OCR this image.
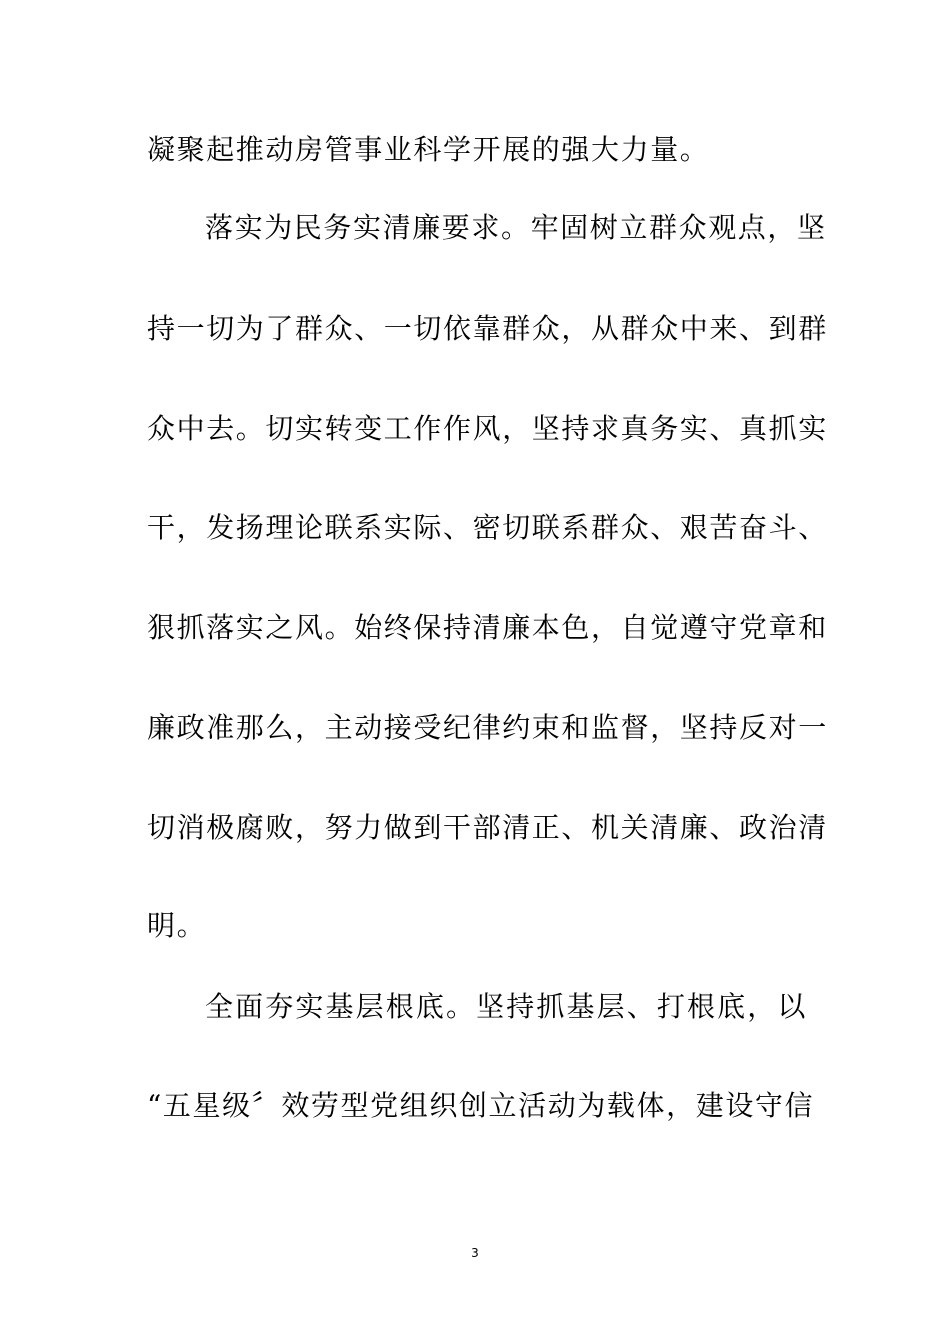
凝聚起推动房管事业科学开展的强大力量。
落实为民务实清廉要求。牢固树立群众观点，坚
持一切为了群众、一切依靠群众，从群众中来、到群
众中去。切实转变工作作风，坚持求真务实、真抓实
干，发扬理论联系实际、密切联系群众、艰苦奋斗、
狠抓落实之风。始终保持清廉本色，自觉遵守党章和
廉政准那么，主动接受纪律约束和监督，坚持反对一
切消极腐败，努力做到干部清正、机关清廉、政治清
明。
全面夯实基层根底。坚持抓基层、打根底，以
“五星级〞效劳型党组织创立活动为载体，建设守信
3
